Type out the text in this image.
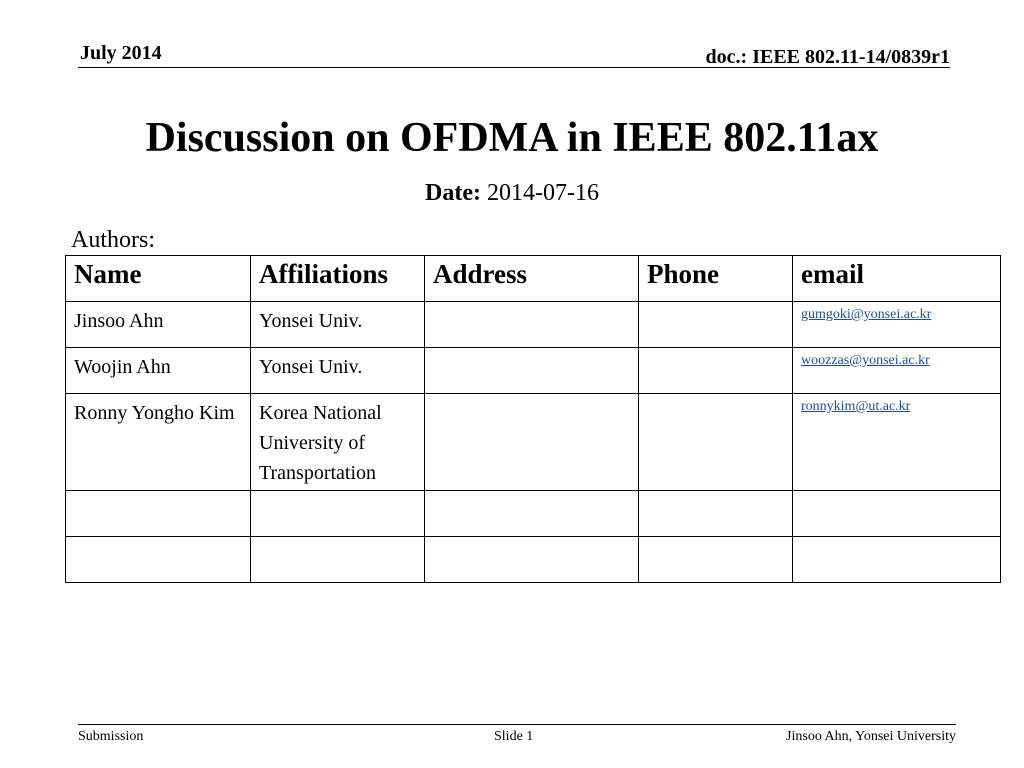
July 2014	doc.: IEEE 802.11-14/0839r1
Discussion on OFDMA in IEEE 802.11ax
Date: 2014-07-16
Authors:
Name	Affiliations	Address	Phone	email
Jinsoo Ahn	Yonsei Univ.			gumgoki@yonsei.ac.kr
Woojin Ahn	Yonsei Univ.			woozzas@yonsei.ac.kr
Ronny Yongho Kim	Korea National University of Transportation			ronnykim@ut.ac.kr

Submission	Slide 1	Jinsoo Ahn, Yonsei University
